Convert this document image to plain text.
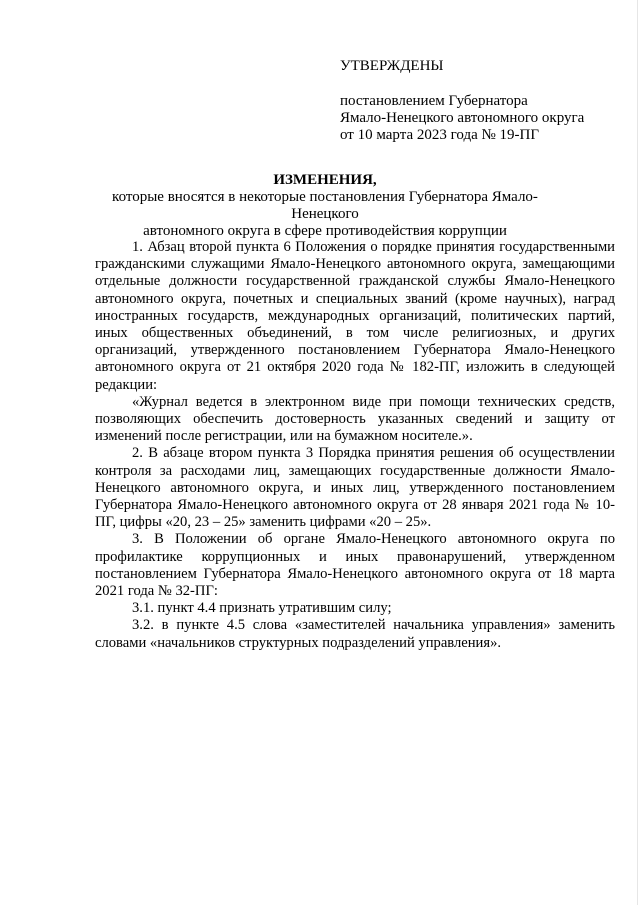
УТВЕРЖДЕНЫ
постановлением Губернатора
Ямало-Ненецкого автономного округа
от 10 марта 2023 года № 19-ПГ
ИЗМЕНЕНИЯ,
которые вносятся в некоторые постановления Губернатора Ямало-Ненецкого
автономного округа в сфере противодействия коррупции

1. Абзац второй пункта 6 Положения о порядке принятия государственными гражданскими служащими Ямало-Ненецкого автономного округа, замещающими отдельные должности государственной гражданской службы Ямало-Ненецкого автономного округа, почетных и специальных званий (кроме научных), наград иностранных государств, международных организаций, политических партий, иных общественных объединений, в том числе религиозных, и других организаций, утвержденного постановлением Губернатора Ямало-Ненецкого автономного округа от 21 октября 2020 года № 182-ПГ, изложить в следующей редакции:

«Журнал ведется в электронном виде при помощи технических средств, позволяющих обеспечить достоверность указанных сведений и защиту от изменений после регистрации, или на бумажном носителе.».

2. В абзаце втором пункта 3 Порядка принятия решения об осуществлении контроля за расходами лиц, замещающих государственные должности Ямало-Ненецкого автономного округа, и иных лиц, утвержденного постановлением Губернатора Ямало-Ненецкого автономного округа от 28 января 2021 года № 10-ПГ, цифры «20, 23 – 25» заменить цифрами «20 – 25».

3. В Положении об органе Ямало-Ненецкого автономного округа по профилактике коррупционных и иных правонарушений, утвержденном постановлением Губернатора Ямало-Ненецкого автономного округа от 18 марта 2021 года № 32-ПГ:

3.1. пункт 4.4 признать утратившим силу;

3.2. в пункте 4.5 слова «заместителей начальника управления» заменить словами «начальников структурных подразделений управления».
